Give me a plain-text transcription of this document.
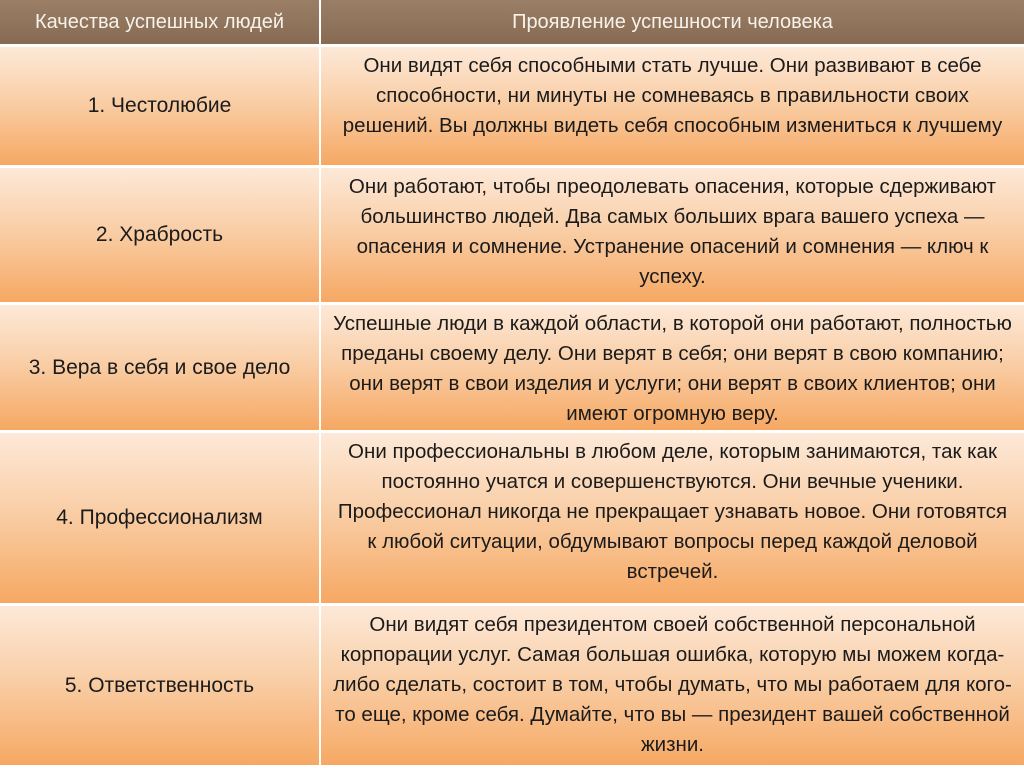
Качества успешных людей	Проявление успешности человека
1. Честолюбие
Они видят себя способными стать лучше. Они развивают в себе способности, ни минуты не сомневаясь в правильности своих решений. Вы должны видеть себя способным измениться к лучшему
2. Храбрость
Они работают, чтобы преодолевать опасения, которые сдерживают большинство людей. Два самых больших врага вашего успеха — опасения и сомнение. Устранение опасений и сомнения — ключ к успеху.
3. Вера в себя и свое дело
Успешные люди в каждой области, в которой они работают, полностью преданы своему делу. Они верят в себя; они верят в свою компанию; они верят в свои изделия и услуги; они верят в своих клиентов; они имеют огромную веру.
4. Профессионализм
Они профессиональны в любом деле, которым занимаются, так как постоянно учатся и совершенствуются. Они вечные ученики. Профессионал никогда не прекращает узнавать новое. Они готовятся к любой ситуации, обдумывают вопросы перед каждой деловой встречей.
5. Ответственность
Они видят себя президентом своей собственной персональной корпорации услуг. Самая большая ошибка, которую мы можем когда-либо сделать, состоит в том, чтобы думать, что мы работаем для кого-то еще, кроме себя. Думайте, что вы — президент вашей собственной жизни.
